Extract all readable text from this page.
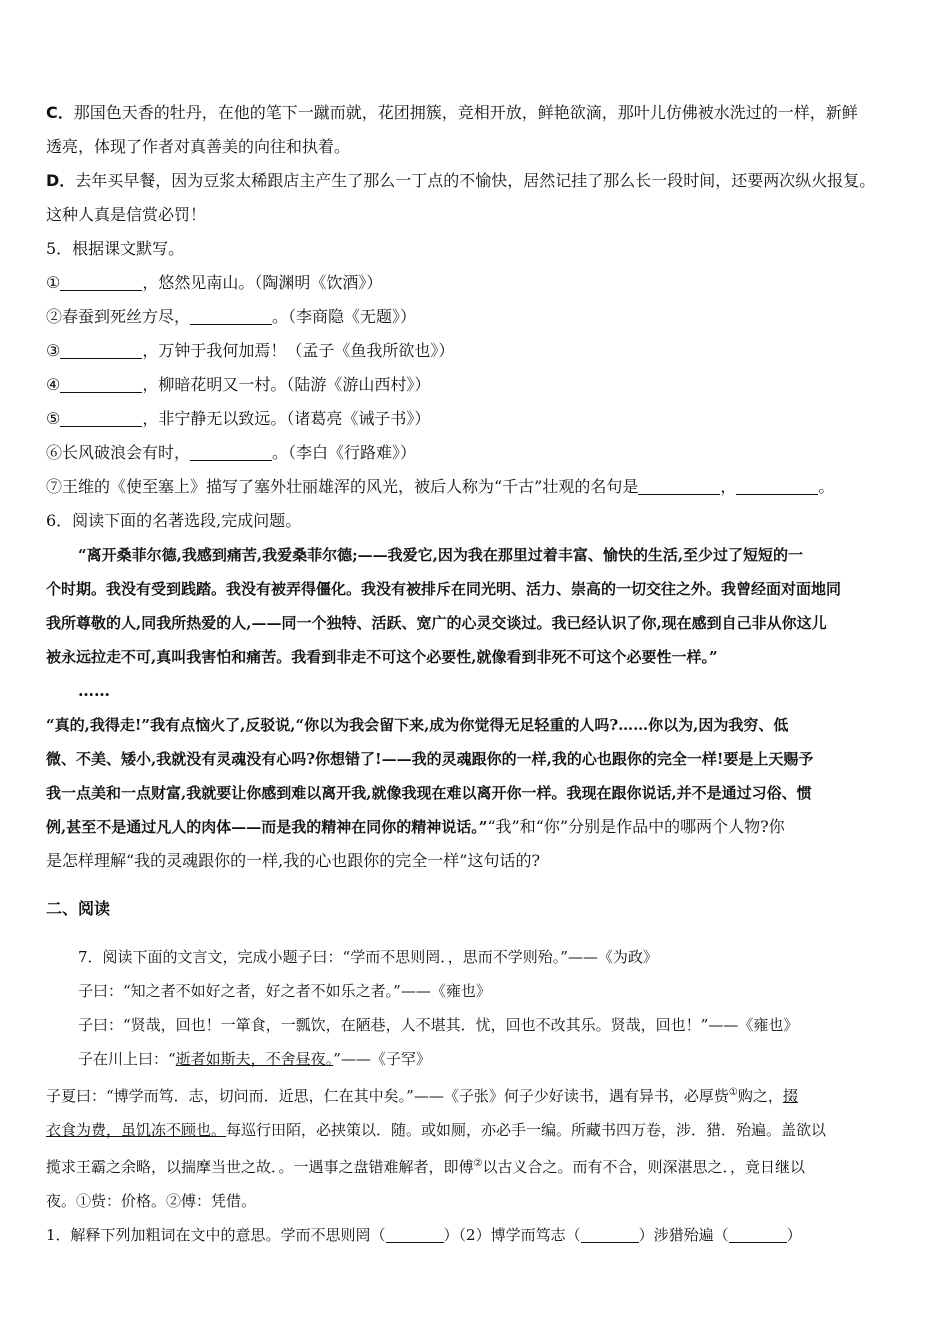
C．那国色天香的牡丹，在他的笔下一蹴而就，花团拥簇，竞相开放，鲜艳欲滴，那叶儿仿佛被水洗过的一样，新鲜

透亮，体现了作者对真善美的向往和执着。

D．去年买早餐，因为豆浆太稀跟店主产生了那么一丁点的不愉快，居然记挂了那么长一段时间，还要两次纵火报复。

这种人真是信赏必罚！

5．根据课文默写。

①	，悠然见南山。（陶渊明《饮酒》）

②春蚕到死丝方尽，	。（李商隐《无题》）

③	，万钟于我何加焉！（孟子《鱼我所欲也》）

④	，柳暗花明又一村。（陆游《游山西村》）

⑤	，非宁静无以致远。（诸葛亮《诫子书》）

⑥长风破浪会有时，	。（李白《行路难》）

⑦王维的《使至塞上》描写了塞外壮丽雄浑的风光，被后人称为“千古”壮观的名句是	，	。

6．阅读下面的名著选段,完成问题。

“离开桑菲尔德,我感到痛苦,我爱桑菲尔德;——我爱它,因为我在那里过着丰富、愉快的生活,至少过了短短的一

个时期。我没有受到践踏。我没有被弄得僵化。我没有被排斥在同光明、活力、崇高的一切交往之外。我曾经面对面地同

我所尊敬的人,同我所热爱的人,——同一个独特、活跃、宽广的心灵交谈过。我已经认识了你,现在感到自己非从你这儿

被永远拉走不可,真叫我害怕和痛苦。我看到非走不可这个必要性,就像看到非死不可这个必要性一样。”

……

“真的,我得走!”我有点恼火了,反驳说,“你以为我会留下来,成为你觉得无足轻重的人吗?……你以为,因为我穷、低

微、不美、矮小,我就没有灵魂没有心吗?你想错了!——我的灵魂跟你的一样,我的心也跟你的完全一样!要是上天赐予

我一点美和一点财富,我就要让你感到难以离开我,就像我现在难以离开你一样。我现在跟你说话,并不是通过习俗、惯

例,甚至不是通过凡人的肉体——而是我的精神在同你的精神说话。”“我”和“你”分别是作品中的哪两个人物?你

是怎样理解“我的灵魂跟你的一样,我的心也跟你的完全一样”这句话的?

二、阅读

7．阅读下面的文言文，完成小题子曰：“学而不思则罔．，思而不学则殆。”——《为政》

子曰：“知之者不如好之者，好之者不如乐之者。”——《雍也》

子曰：“贤哉，回也！一箪食，一瓢饮，在陋巷，人不堪其．忧，回也不改其乐。贤哉，回也！”——《雍也》

子在川上曰：“逝者如斯夫，不舍昼夜。”——《子罕》

子夏曰：“博学而笃．志，切问而．近思，仁在其中矣。”——《子张》何子少好读书，遇有异书，必厚赀①购之，掇

衣食为费，虽饥冻不顾也。每巡行田陌，必挟策以．随。或如厕，亦必手一编。所藏书四万卷，涉．猎．殆遍。盖欲以

揽求王霸之余略，以揣摩当世之故．。一遇事之盘错难解者，即傅②以古义合之。而有不合，则深湛思之．，竟日继以

夜。①赀：价格。②傅：凭借。

1．解释下列加粗词在文中的意思。学而不思则罔（	）（2）博学而笃志（	）涉猎殆遍（	）
